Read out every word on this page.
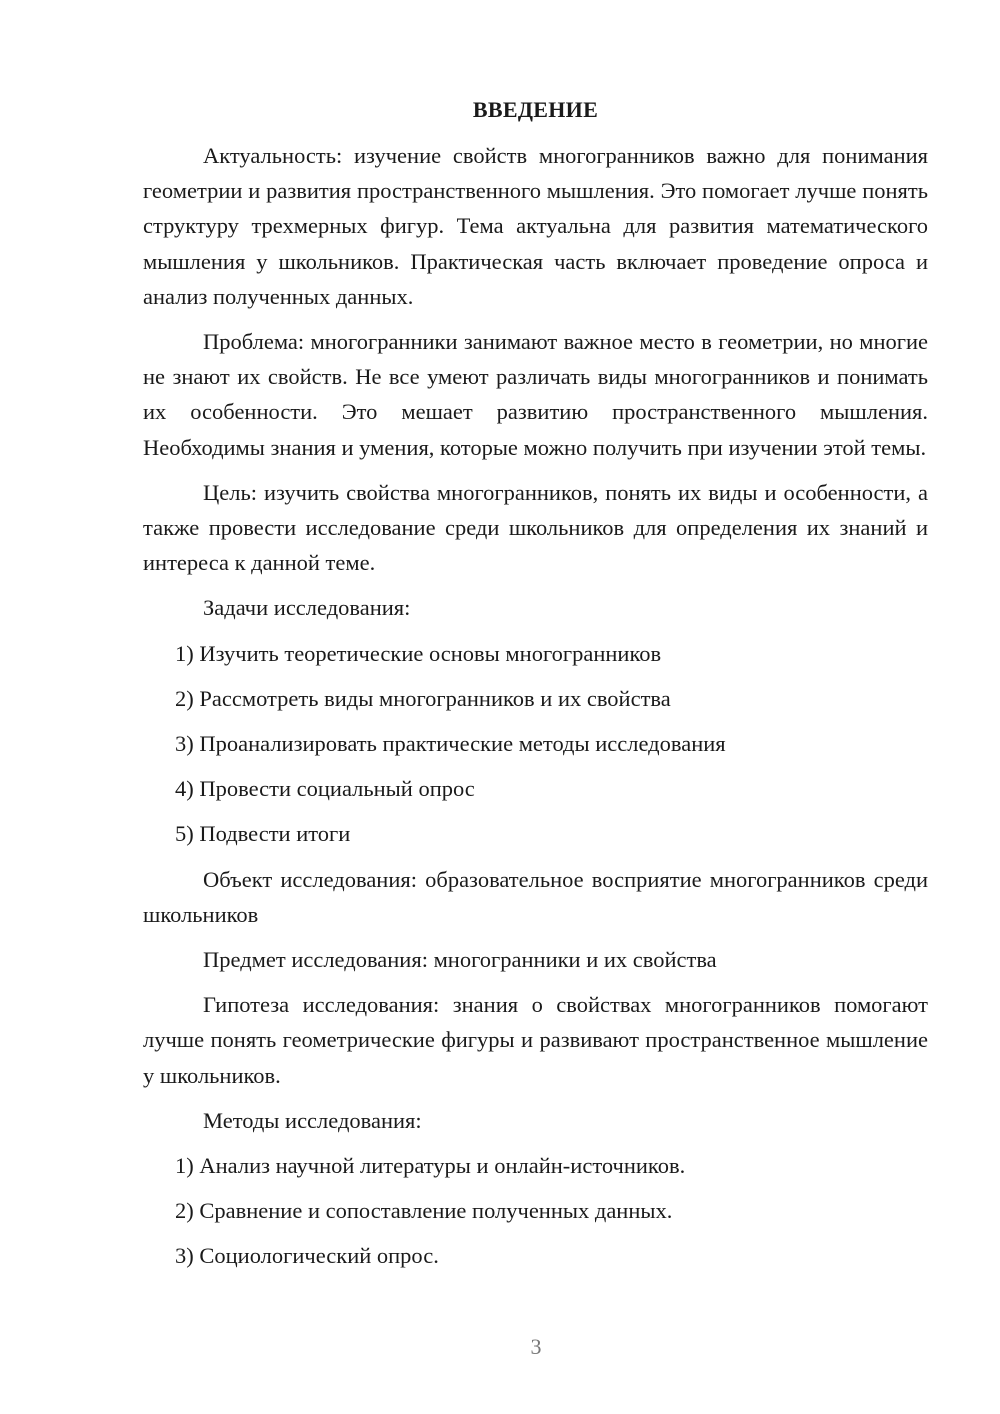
ВВЕДЕНИЕ

Актуальность: изучение свойств многогранников важно для понимания геометрии и развития пространственного мышления. Это помогает лучше понять структуру трехмерных фигур. Тема актуальна для развития математического мышления у школьников. Практическая часть включает проведение опроса и анализ полученных данных.

Проблема: многогранники занимают важное место в геометрии, но многие не знают их свойств. Не все умеют различать виды многогранников и понимать их особенности. Это мешает развитию пространственного мышления. Необходимы знания и умения, которые можно получить при изучении этой темы.

Цель: изучить свойства многогранников, понять их виды и особенности, а также провести исследование среди школьников для определения их знаний и интереса к данной теме.

Задачи исследования:

1) Изучить теоретические основы многогранников
2) Рассмотреть виды многогранников и их свойства
3) Проанализировать практические методы исследования
4) Провести социальный опрос
5) Подвести итоги

Объект исследования: образовательное восприятие многогранников среди школьников

Предмет исследования: многогранники и их свойства

Гипотеза исследования: знания о свойствах многогранников помогают лучше понять геометрические фигуры и развивают пространственное мышление у школьников.

Методы исследования:

1) Анализ научной литературы и онлайн-источников.
2) Сравнение и сопоставление полученных данных.
3) Социологический опрос.
3
